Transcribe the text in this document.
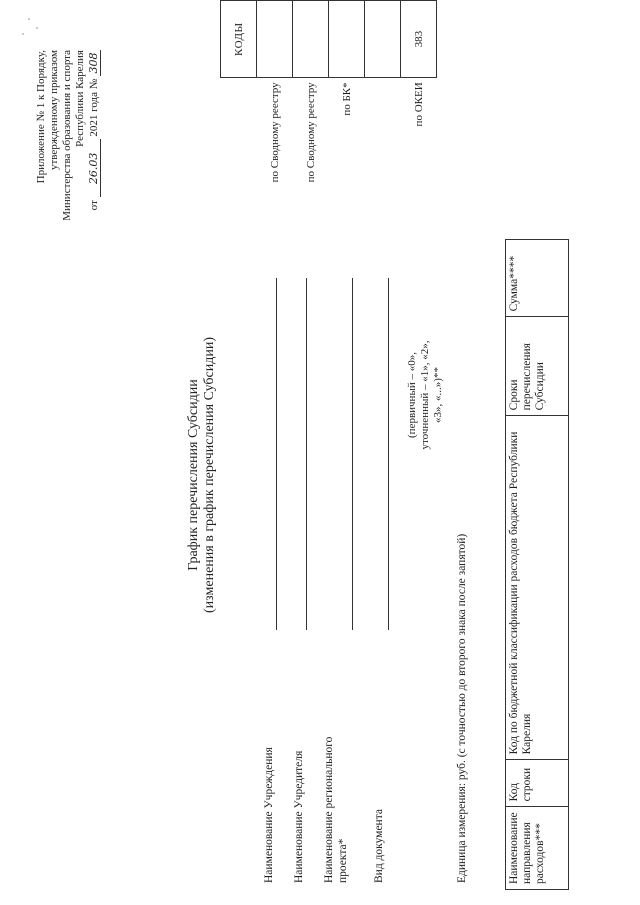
Приложение № 1 к Порядку, утвержденному приказом Министерства образования и спорта Республики Карелия
от 26.03 2021 года № 308
График перечисления Субсидии (изменения в график перечисления Субсидии)
Наименование Учреждения Наименование Учредителя Наименование регионального проекта* Вид документа
(первичный – «0», уточненный – «1», «2», «3», «...»)**
Единица измерения: руб. (с точностью до второго знака после запятой)
	КОДЫ
по Сводному реестру	
по Сводному реестру	
по БК*	

по ОКЕИ	383
Наименование направления расходов***	Код строки	Код по бюджетной классификации расходов бюджета Республики Карелия	Сроки перечисления Субсидии	Сумма****
